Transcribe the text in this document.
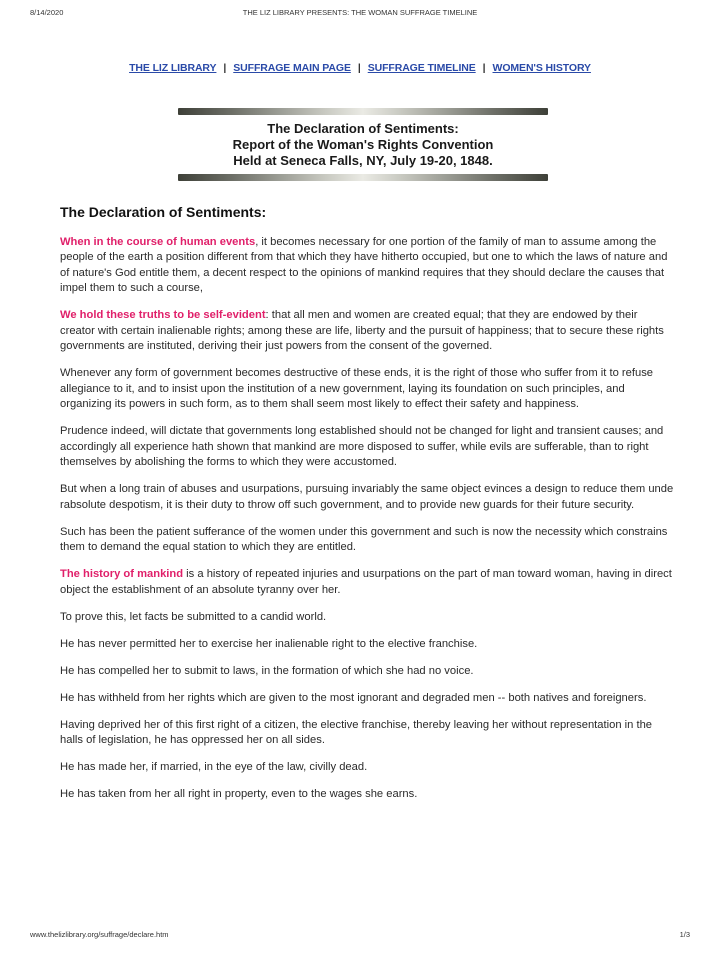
8/14/2020	THE LIZ LIBRARY PRESENTS: THE WOMAN SUFFRAGE TIMELINE
THE LIZ LIBRARY | SUFFRAGE MAIN PAGE | SUFFRAGE TIMELINE | WOMEN'S HISTORY
The Declaration of Sentiments:
Report of the Woman's Rights Convention
Held at Seneca Falls, NY, July 19-20, 1848.
The Declaration of Sentiments:

When in the course of human events, it becomes necessary for one portion of the family of man to assume among the people of the earth a position different from that which they have hitherto occupied, but one to which the laws of nature and of nature's God entitle them, a decent respect to the opinions of mankind requires that they should declare the causes that impel them to such a course,

We hold these truths to be self-evident: that all men and women are created equal; that they are endowed by their creator with certain inalienable rights; among these are life, liberty and the pursuit of happiness; that to secure these rights governments are instituted, deriving their just powers from the consent of the governed.

Whenever any form of government becomes destructive of these ends, it is the right of those who suffer from it to refuse allegiance to it, and to insist upon the institution of a new government, laying its foundation on such principles, and organizing its powers in such form, as to them shall seem most likely to effect their safety and happiness.

Prudence indeed, will dictate that governments long established should not be changed for light and transient causes; and accordingly all experience hath shown that mankind are more disposed to suffer, while evils are sufferable, than to right themselves by abolishing the forms to which they were accustomed.

But when a long train of abuses and usurpations, pursuing invariably the same object evinces a design to reduce them unde rabsolute despotism, it is their duty to throw off such government, and to provide new guards for their future security.

Such has been the patient sufferance of the women under this government and such is now the necessity which constrains them to demand the equal station to which they are entitled.

The history of mankind is a history of repeated injuries and usurpations on the part of man toward woman, having in direct object the establishment of an absolute tyranny over her.

To prove this, let facts be submitted to a candid world.

He has never permitted her to exercise her inalienable right to the elective franchise.

He has compelled her to submit to laws, in the formation of which she had no voice.

He has withheld from her rights which are given to the most ignorant and degraded men -- both natives and foreigners.

Having deprived her of this first right of a citizen, the elective franchise, thereby leaving her without representation in the halls of legislation, he has oppressed her on all sides.

He has made her, if married, in the eye of the law, civilly dead.

He has taken from her all right in property, even to the wages she earns.

www.thelizlibrary.org/suffrage/declare.htm	1/3
